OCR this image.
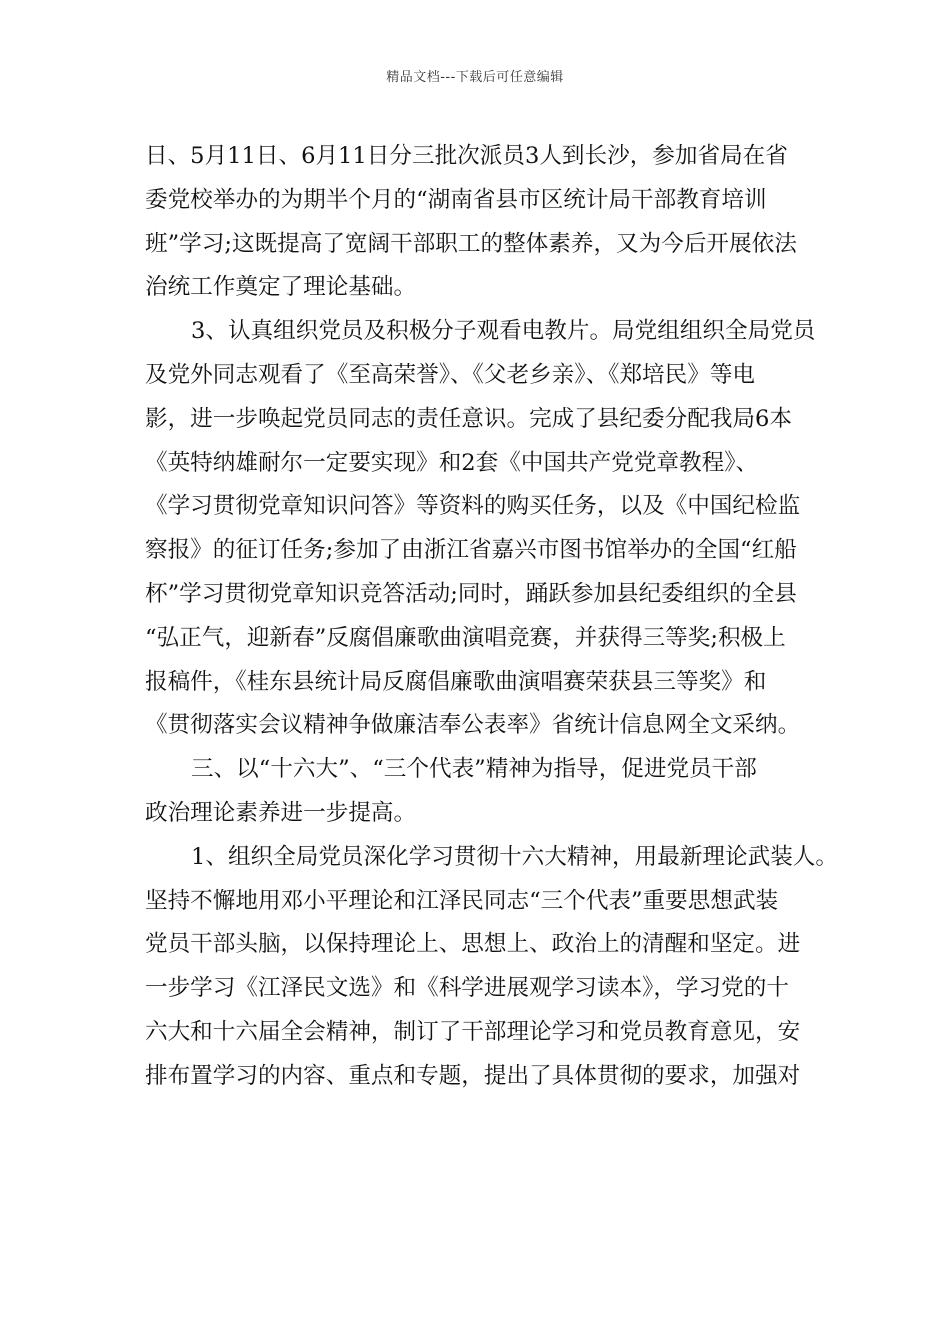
精品文档---下载后可任意编辑
日、5月11日、6月11日分三批次派员3人到长沙，参加省局在省
委党校举办的为期半个月的“湖南省县市区统计局干部教育培训
班”学习;这既提高了宽阔干部职工的整体素养，又为今后开展依法
治统工作奠定了理论基础。
3、认真组织党员及积极分子观看电教片。局党组组织全局党员
及党外同志观看了《至高荣誉》、《父老乡亲》、《郑培民》等电
影，进一步唤起党员同志的责任意识。完成了县纪委分配我局6本
《英特纳雄耐尔一定要实现》和2套《中国共产党党章教程》、
《学习贯彻党章知识问答》等资料的购买任务，以及《中国纪检监
察报》的征订任务;参加了由浙江省嘉兴市图书馆举办的全国“红船
杯”学习贯彻党章知识竞答活动;同时，踊跃参加县纪委组织的全县
“弘正气，迎新春”反腐倡廉歌曲演唱竞赛，并获得三等奖;积极上
报稿件，《桂东县统计局反腐倡廉歌曲演唱赛荣获县三等奖》和
《贯彻落实会议精神争做廉洁奉公表率》省统计信息网全文采纳。
三、以“十六大”、“三个代表”精神为指导，促进党员干部
政治理论素养进一步提高。
1、组织全局党员深化学习贯彻十六大精神，用最新理论武装人。
坚持不懈地用邓小平理论和江泽民同志“三个代表”重要思想武装
党员干部头脑，以保持理论上、思想上、政治上的清醒和坚定。进
一步学习《江泽民文选》和《科学进展观学习读本》，学习党的十
六大和十六届全会精神，制订了干部理论学习和党员教育意见，安
排布置学习的内容、重点和专题，提出了具体贯彻的要求，加强对
